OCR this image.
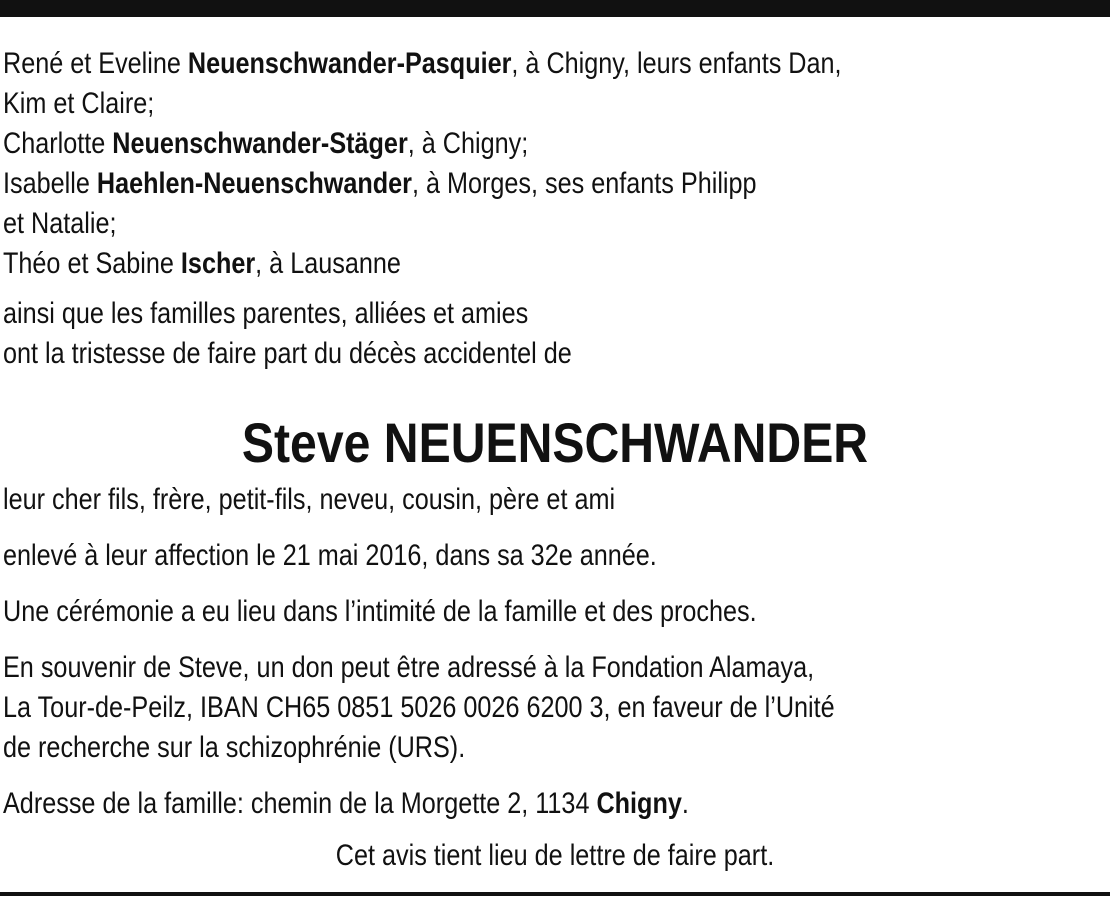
René et Eveline Neuenschwander-Pasquier, à Chigny, leurs enfants Dan,

Kim et Claire;

Charlotte Neuenschwander-Stäger, à Chigny;

Isabelle Haehlen-Neuenschwander, à Morges, ses enfants Philipp

et Natalie;

Théo et Sabine Ischer, à Lausanne

ainsi que les familles parentes, alliées et amies

ont la tristesse de faire part du décès accidentel de

Steve NEUENSCHWANDER

leur cher fils, frère, petit-fils, neveu, cousin, père et ami

enlevé à leur affection le 21 mai 2016, dans sa 32e année.

Une cérémonie a eu lieu dans l’intimité de la famille et des proches.

En souvenir de Steve, un don peut être adressé à la Fondation Alamaya,

La Tour-de-Peilz, IBAN CH65 0851 5026 0026 6200 3, en faveur de l’Unité

de recherche sur la schizophrénie (URS).

Adresse de la famille: chemin de la Morgette 2, 1134 Chigny.

Cet avis tient lieu de lettre de faire part.
